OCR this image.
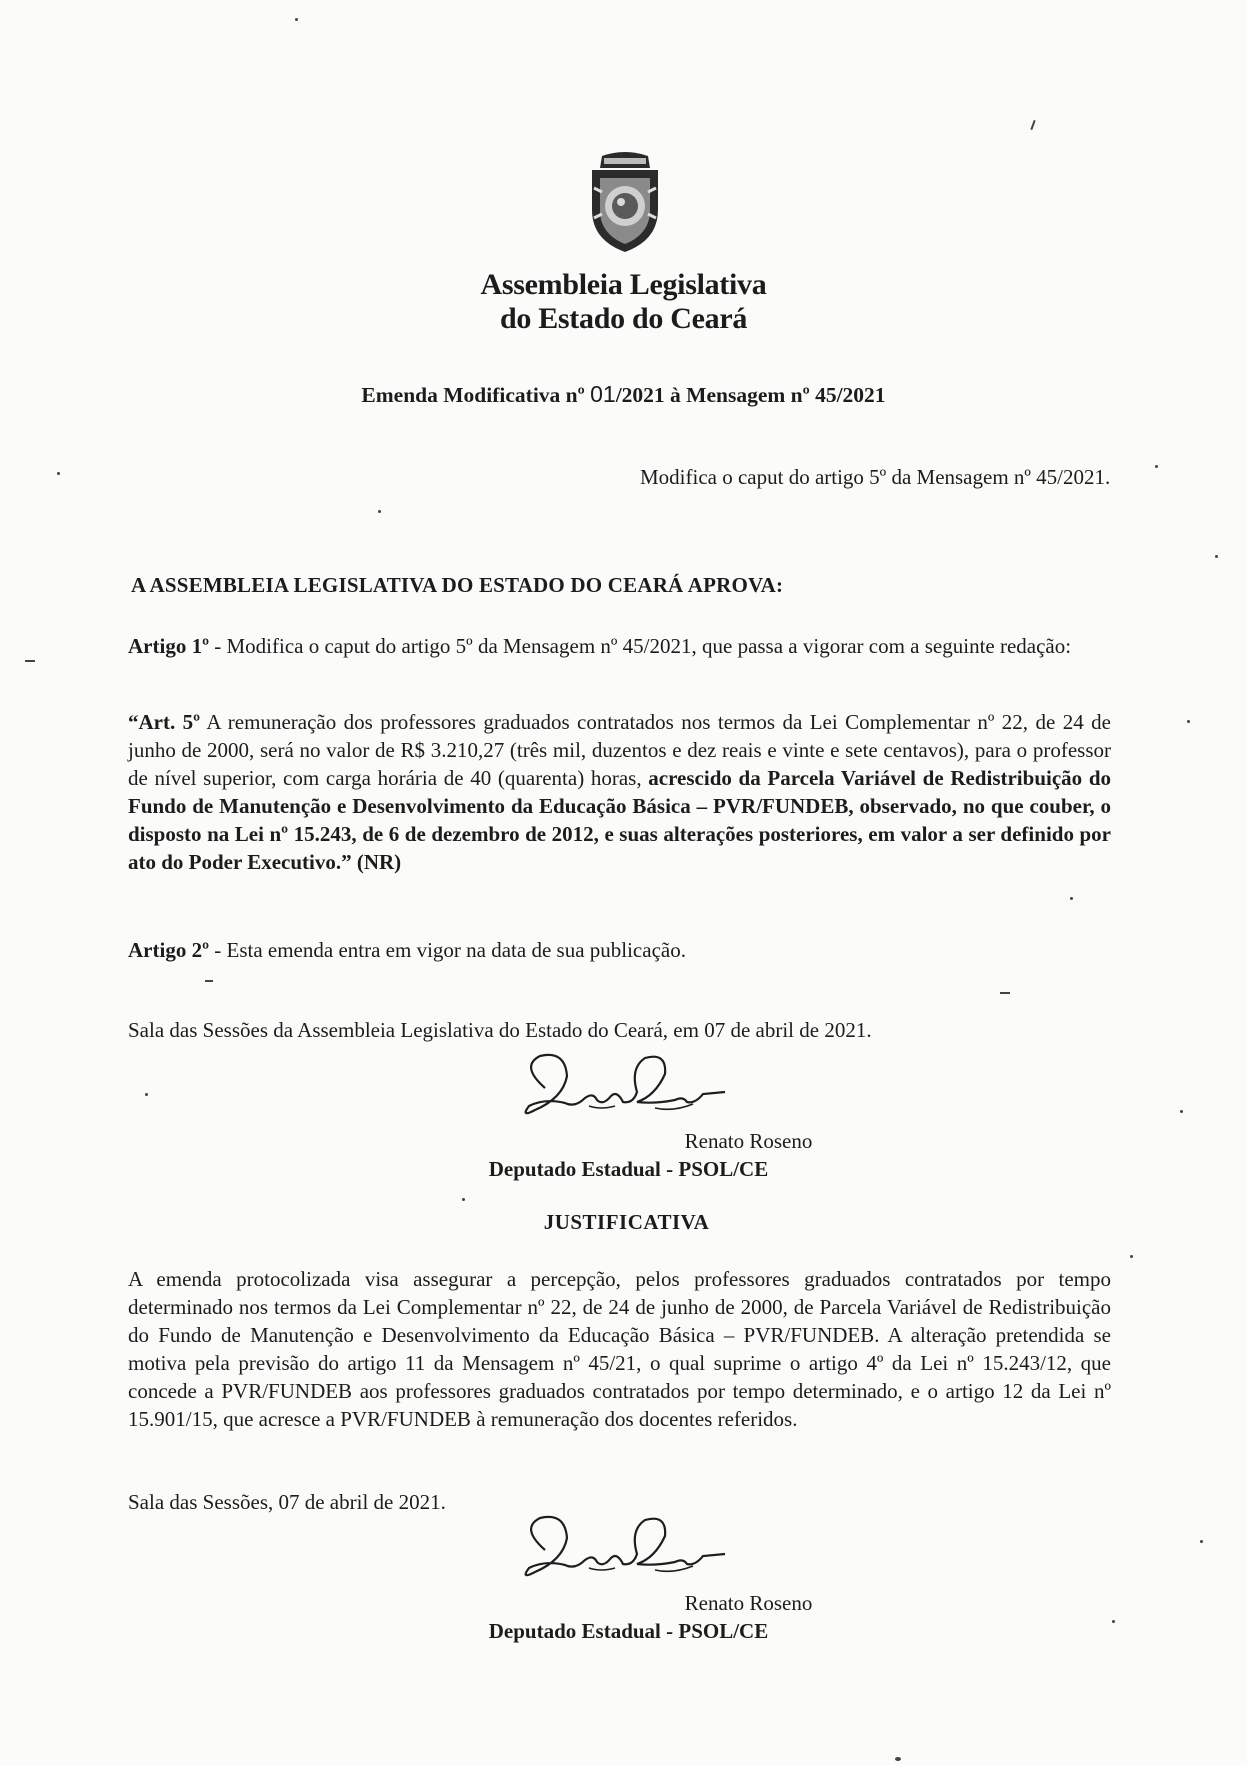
Assembleia Legislativa
do Estado do Ceará
Emenda Modificativa nº 01/2021 à Mensagem nº 45/2021
Modifica o caput do artigo 5º da Mensagem nº 45/2021.
A ASSEMBLEIA LEGISLATIVA DO ESTADO DO CEARÁ APROVA:
Artigo 1º - Modifica o caput do artigo 5º da Mensagem nº 45/2021, que passa a vigorar com a seguinte redação:
“Art. 5º A remuneração dos professores graduados contratados nos termos da Lei Complementar nº 22, de 24 de junho de 2000, será no valor de R$ 3.210,27 (três mil, duzentos e dez reais e vinte e sete centavos), para o professor de nível superior, com carga horária de 40 (quarenta) horas, acrescido da Parcela Variável de Redistribuição do Fundo de Manutenção e Desenvolvimento da Educação Básica – PVR/FUNDEB, observado, no que couber, o disposto na Lei nº 15.243, de 6 de dezembro de 2012, e suas alterações posteriores, em valor a ser definido por ato do Poder Executivo.” (NR)
Artigo 2º - Esta emenda entra em vigor na data de sua publicação.
Sala das Sessões da Assembleia Legislativa do Estado do Ceará, em 07 de abril de 2021.
Renato Roseno
Deputado Estadual - PSOL/CE
JUSTIFICATIVA
A emenda protocolizada visa assegurar a percepção, pelos professores graduados contratados por tempo determinado nos termos da Lei Complementar nº 22, de 24 de junho de 2000, de Parcela Variável de Redistribuição do Fundo de Manutenção e Desenvolvimento da Educação Básica – PVR/FUNDEB. A alteração pretendida se motiva pela previsão do artigo 11 da Mensagem nº 45/21, o qual suprime o artigo 4º da Lei nº 15.243/12, que concede a PVR/FUNDEB aos professores graduados contratados por tempo determinado, e o artigo 12 da Lei nº 15.901/15, que acresce a PVR/FUNDEB à remuneração dos docentes referidos.
Sala das Sessões, 07 de abril de 2021.
Renato Roseno
Deputado Estadual - PSOL/CE
